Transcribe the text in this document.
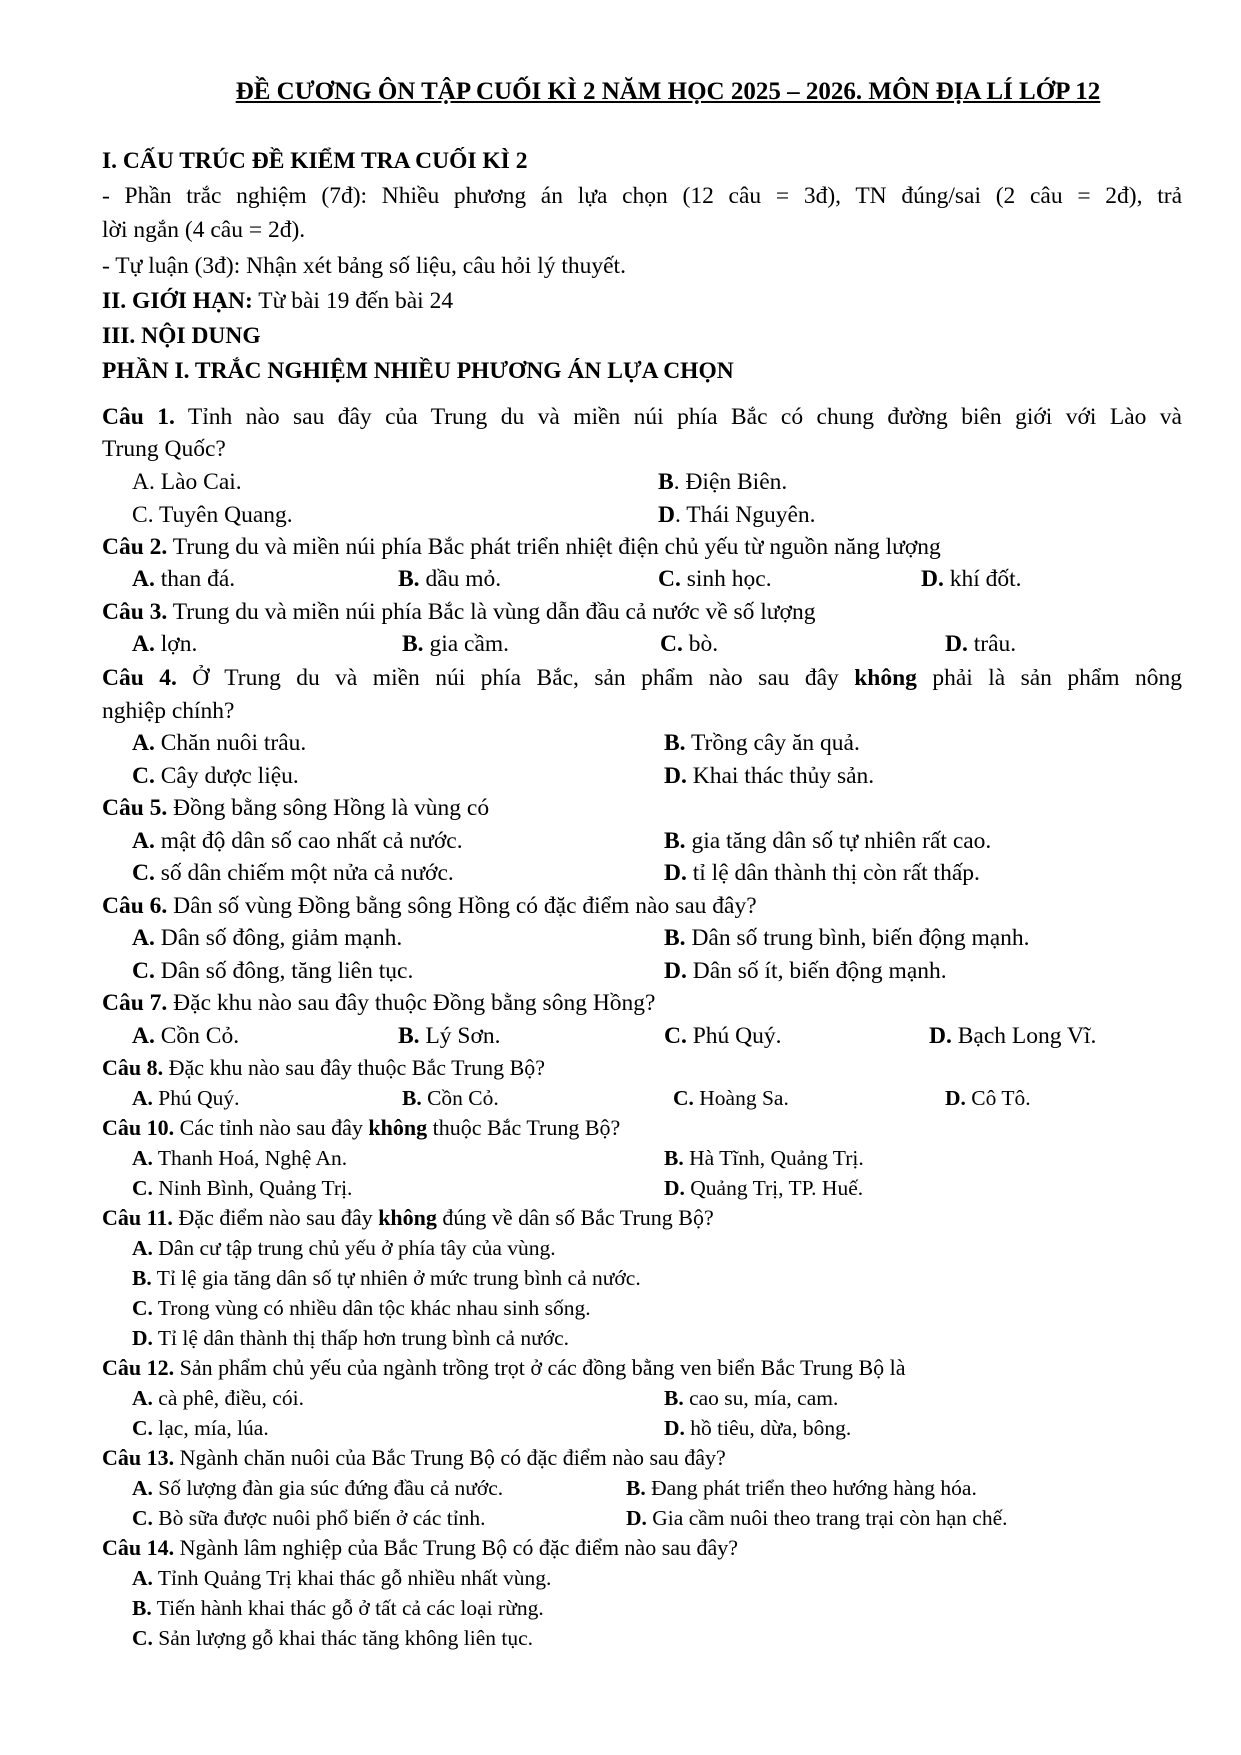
ĐỀ CƯƠNG ÔN TẬP CUỐI KÌ 2 NĂM HỌC 2025 – 2026. MÔN ĐỊA LÍ LỚP 12
I. CẤU TRÚC ĐỀ KIỂM TRA CUỐI KÌ 2
- Phần trắc nghiệm (7đ): Nhiều phương án lựa chọn (12 câu = 3đ), TN đúng/sai (2 câu = 2đ), trả
lời ngắn (4 câu = 2đ).
- Tự luận (3đ): Nhận xét bảng số liệu, câu hỏi lý thuyết.
II. GIỚI HẠN: Từ bài 19 đến bài 24
III. NỘI DUNG
PHẦN I. TRẮC NGHIỆM NHIỀU PHƯƠNG ÁN LỰA CHỌN
Câu 1. Tỉnh nào sau đây của Trung du và miền núi phía Bắc có chung đường biên giới với Lào và
Trung Quốc?
A. Lào Cai.	B. Điện Biên.
C. Tuyên Quang.	D. Thái Nguyên.
Câu 2. Trung du và miền núi phía Bắc phát triển nhiệt điện chủ yếu từ nguồn năng lượng
A. than đá.	B. dầu mỏ.	C. sinh học.	D. khí đốt.
Câu 3. Trung du và miền núi phía Bắc là vùng dẫn đầu cả nước về số lượng
A. lợn.	B. gia cầm.	C. bò.	D. trâu.
Câu 4. Ở Trung du và miền núi phía Bắc, sản phẩm nào sau đây không phải là sản phẩm nông
nghiệp chính?
A. Chăn nuôi trâu.	B. Trồng cây ăn quả.
C. Cây dược liệu.	D. Khai thác thủy sản.
Câu 5. Đồng bằng sông Hồng là vùng có
A. mật độ dân số cao nhất cả nước.	B. gia tăng dân số tự nhiên rất cao.
C. số dân chiếm một nửa cả nước.	D. tỉ lệ dân thành thị còn rất thấp.
Câu 6. Dân số vùng Đồng bằng sông Hồng có đặc điểm nào sau đây?
A. Dân số đông, giảm mạnh.	B. Dân số trung bình, biến động mạnh.
C. Dân số đông, tăng liên tục.	D. Dân số ít, biến động mạnh.
Câu 7. Đặc khu nào sau đây thuộc Đồng bằng sông Hồng?
A. Cồn Cỏ.	B. Lý Sơn.	C. Phú Quý.	D. Bạch Long Vĩ.
Câu 8. Đặc khu nào sau đây thuộc Bắc Trung Bộ?
A. Phú Quý.	B. Cồn Cỏ.	C. Hoàng Sa.	D. Cô Tô.
Câu 10. Các tỉnh nào sau đây không thuộc Bắc Trung Bộ?
A. Thanh Hoá, Nghệ An.	B. Hà Tĩnh, Quảng Trị.
C. Ninh Bình, Quảng Trị.	D. Quảng Trị, TP. Huế.
Câu 11. Đặc điểm nào sau đây không đúng về dân số Bắc Trung Bộ?
A. Dân cư tập trung chủ yếu ở phía tây của vùng.
B. Tỉ lệ gia tăng dân số tự nhiên ở mức trung bình cả nước.
C. Trong vùng có nhiều dân tộc khác nhau sinh sống.
D. Tỉ lệ dân thành thị thấp hơn trung bình cả nước.
Câu 12. Sản phẩm chủ yếu của ngành trồng trọt ở các đồng bằng ven biển Bắc Trung Bộ là
A. cà phê, điều, cói.	B. cao su, mía, cam.
C. lạc, mía, lúa.	D. hồ tiêu, dừa, bông.
Câu 13. Ngành chăn nuôi của Bắc Trung Bộ có đặc điểm nào sau đây?
A. Số lượng đàn gia súc đứng đầu cả nước.	B. Đang phát triển theo hướng hàng hóa.
C. Bò sữa được nuôi phổ biến ở các tỉnh.	D. Gia cầm nuôi theo trang trại còn hạn chế.
Câu 14. Ngành lâm nghiệp của Bắc Trung Bộ có đặc điểm nào sau đây?
A. Tỉnh Quảng Trị khai thác gỗ nhiều nhất vùng.
B. Tiến hành khai thác gỗ ở tất cả các loại rừng.
C. Sản lượng gỗ khai thác tăng không liên tục.
